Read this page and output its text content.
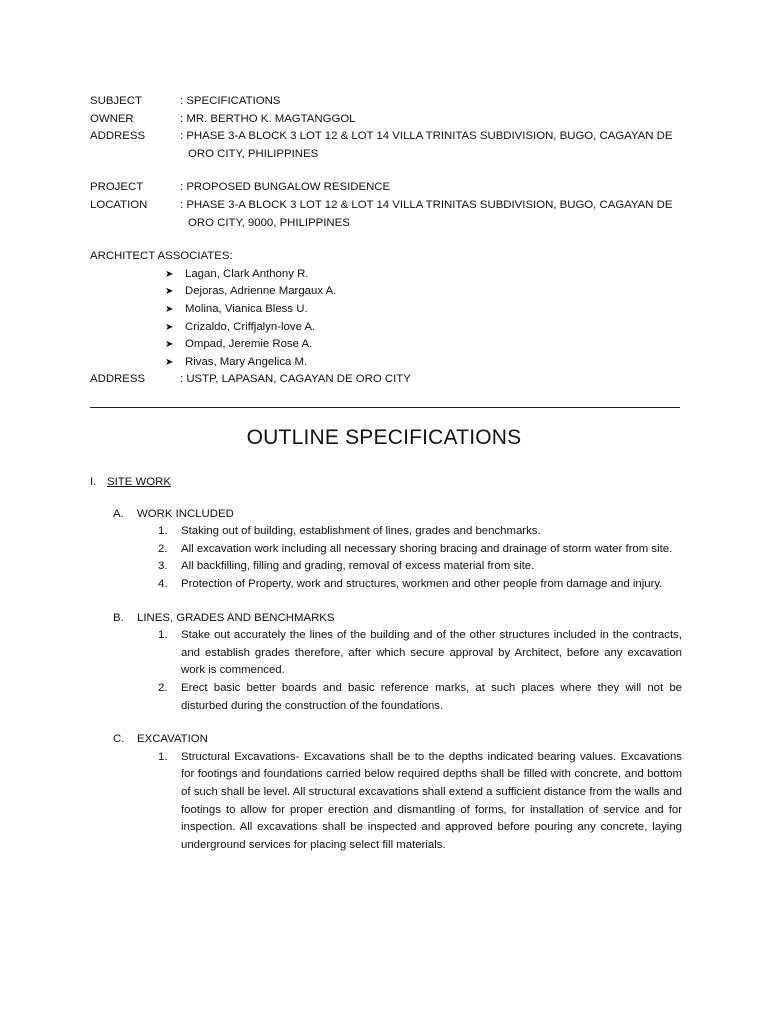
SUBJECT	: SPECIFICATIONS
OWNER	: MR. BERTHO K. MAGTANGGOL
ADDRESS	: PHASE 3-A BLOCK 3 LOT 12 & LOT 14 VILLA TRINITAS SUBDIVISION, BUGO, CAGAYAN DE
ORO CITY, PHILIPPINES
PROJECT	: PROPOSED BUNGALOW RESIDENCE
LOCATION	: PHASE 3-A BLOCK 3 LOT 12 & LOT 14 VILLA TRINITAS SUBDIVISION, BUGO, CAGAYAN DE
ORO CITY, 9000, PHILIPPINES
ARCHITECT ASSOCIATES:
➤	Lagan, Clark Anthony R.
➤	Dejoras, Adrienne Margaux A.
➤	Molina, Vianica Bless U.
➤	Crizaldo, Criffjalyn-love A.
➤	Ompad, Jeremie Rose A.
➤	Rivas, Mary Angelica M.
ADDRESS	: USTP, LAPASAN, CAGAYAN DE ORO CITY
OUTLINE SPECIFICATIONS
I. SITE WORK
A.	WORK INCLUDED
1.	Staking out of building, establishment of lines, grades and benchmarks.
2.	All excavation work including all necessary shoring bracing and drainage of storm water from site.
3.	All backfilling, filling and grading, removal of excess material from site.
4.	Protection of Property, work and structures, workmen and other people from damage and injury.
B.	LINES, GRADES AND BENCHMARKS
1.	Stake out accurately the lines of the building and of the other structures included in the contracts, and establish grades therefore, after which secure approval by Architect, before any excavation work is commenced.
2.	Erect basic better boards and basic reference marks, at such places where they will not be disturbed during the construction of the foundations.
C.	EXCAVATION
1.	Structural Excavations- Excavations shall be to the depths indicated bearing values. Excavations for footings and foundations carried below required depths shall be filled with concrete, and bottom of such shall be level. All structural excavations shall extend a sufficient distance from the walls and footings to allow for proper erection and dismantling of forms, for installation of service and for inspection. All excavations shall be inspected and approved before pouring any concrete, laying underground services for placing select fill materials.
